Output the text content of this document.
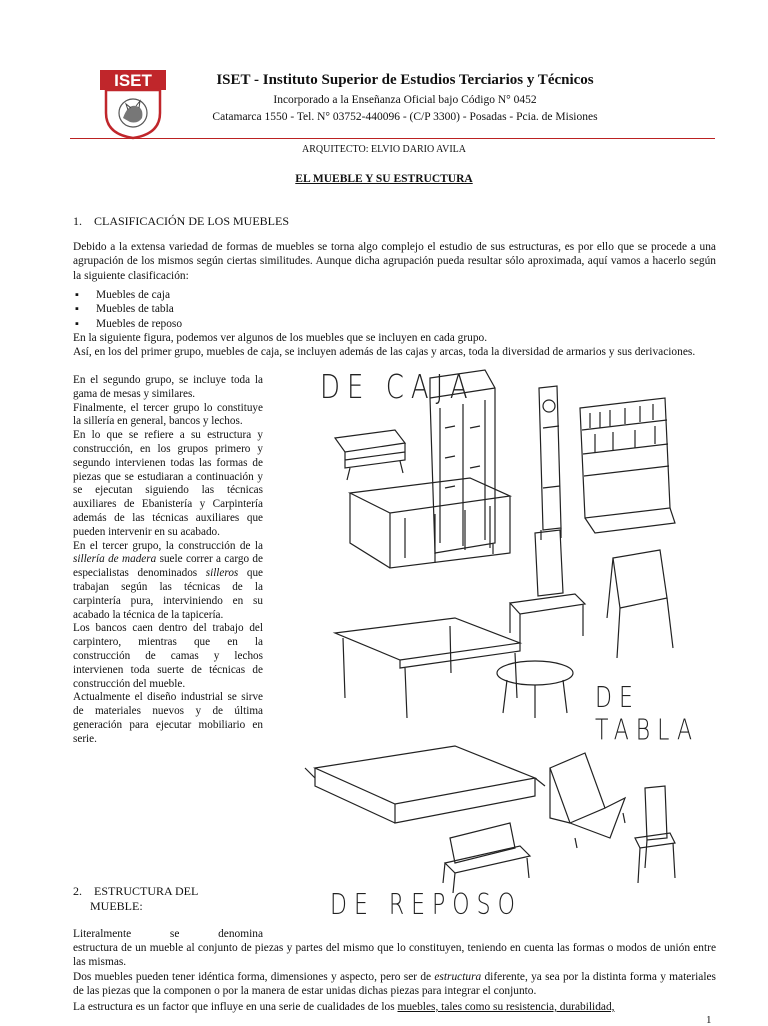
ISET	ISET - Instituto Superior de Estudios Terciarios y Técnicos
Incorporado a la Enseñanza Oficial bajo Código N° 0452
Catamarca 1550 - Tel. N° 03752-440096 - (C/P 3300) - Posadas - Pcia. de Misiones
ARQUITECTO: ELVIO DARIO AVILA
EL MUEBLE Y SU ESTRUCTURA
1.    CLASIFICACIÓN DE LOS MUEBLES
Debido a la extensa variedad de formas de muebles se torna algo complejo el estudio de sus estructuras, es por ello que se procede a una agrupación de los mismos según ciertas similitudes. Aunque dicha agrupación pueda resultar sólo aproximada, aquí vamos a hacerlo según la siguiente clasificación:
▪ Muebles de caja
▪ Muebles de tabla
▪ Muebles de reposo
En la siguiente figura, podemos ver algunos de los muebles que se incluyen en cada grupo.
Así, en los del primer grupo, muebles de caja, se incluyen además de las cajas y arcas, toda la diversidad de armarios y sus derivaciones.

En el segundo grupo, se incluye toda la gama de mesas y similares.

Finalmente, el tercer grupo lo constituye la sillería en general, bancos y lechos.

En lo que se refiere a su estructura y construcción, en los grupos primero y segundo intervienen todas las formas de piezas que se estudiaran a continuación y se ejecutan siguiendo las técnicas auxiliares de Ebanistería y Carpintería además de las técnicas auxiliares que pueden intervenir en su acabado.

En el tercer grupo, la construcción de la sillería de madera suele correr a cargo de especialistas denominados silleros que trabajan según las técnicas de la carpintería pura, interviniendo en su acabado la técnica de la tapicería.

Los bancos caen dentro del trabajo del carpintero, mientras que en la construcción de camas y lechos intervienen toda suerte de técnicas de construcción del mueble.

Actualmente el diseño industrial se sirve de materiales nuevos y de última generación para ejecutar mobiliario en serie.

DE CAJA
DE TABLA
DE REPOSO
2.    ESTRUCTURA DEL
MUEBLE:
Literalmente	se	denomina
estructura de un mueble al conjunto de piezas y partes del mismo que lo constituyen, teniendo en cuenta las formas o modos de unión entre las mismas.
Dos muebles pueden tener idéntica forma, dimensiones y aspecto, pero ser de estructura diferente, ya sea por la distinta forma y materiales de las piezas que la componen o por la manera de estar unidas dichas piezas para integrar el conjunto.
La estructura es un factor que influye en una serie de cualidades de los muebles, tales como su resistencia, durabilidad,
1
